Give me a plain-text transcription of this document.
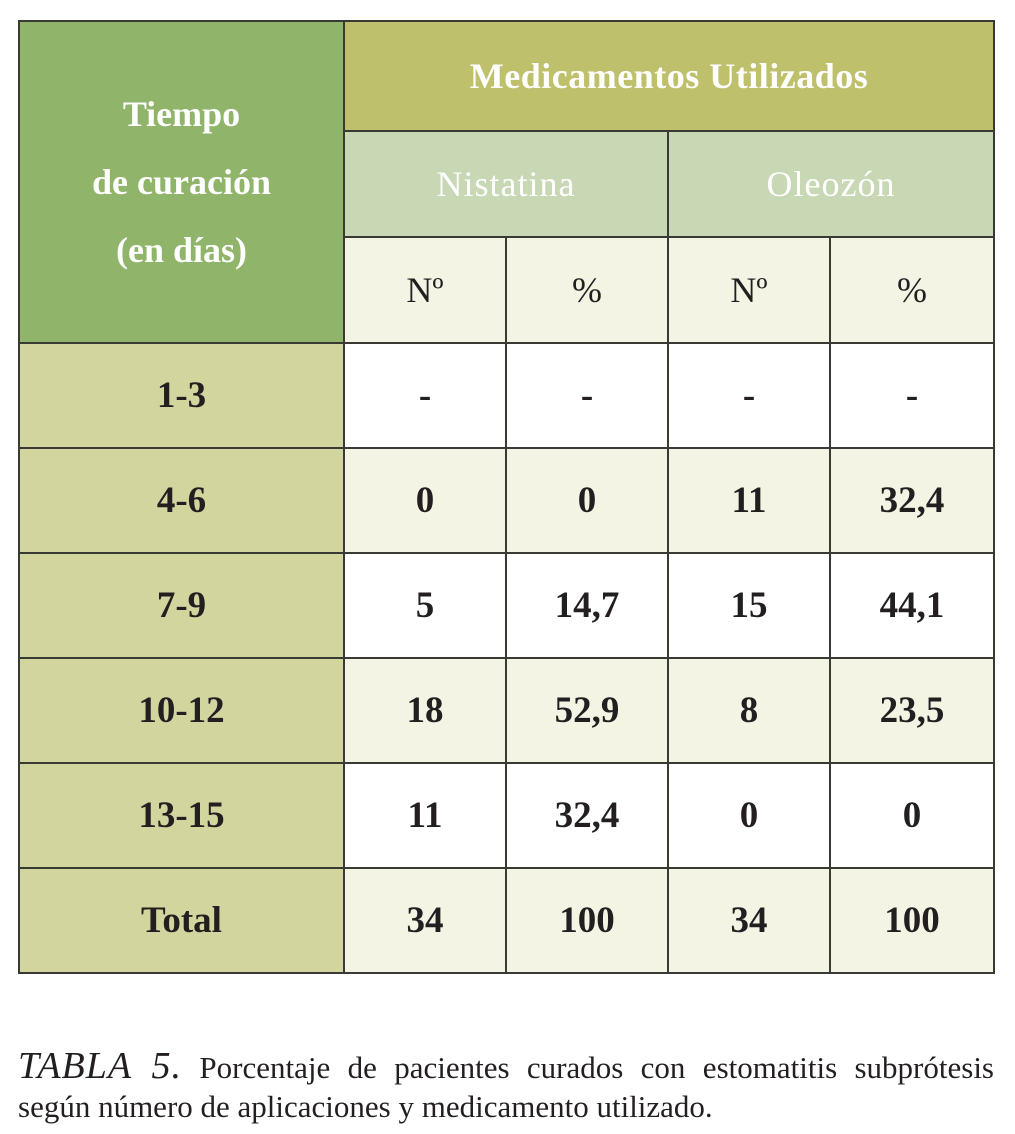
Tiempo
de curación
(en días)	Medicamentos Utilizados			
	Nistatina		Oleozón	
	Nº	%	Nº	%
1-3	-	-	-	-
4-6	0	0	11	32,4
7-9	5	14,7	15	44,1
10-12	18	52,9	8	23,5
13-15	11	32,4	0	0
Total	34	100	34	100

TABLA 5. Porcentaje de pacientes curados con estomatitis subprótesis según número de aplicaciones y medicamento utilizado.
